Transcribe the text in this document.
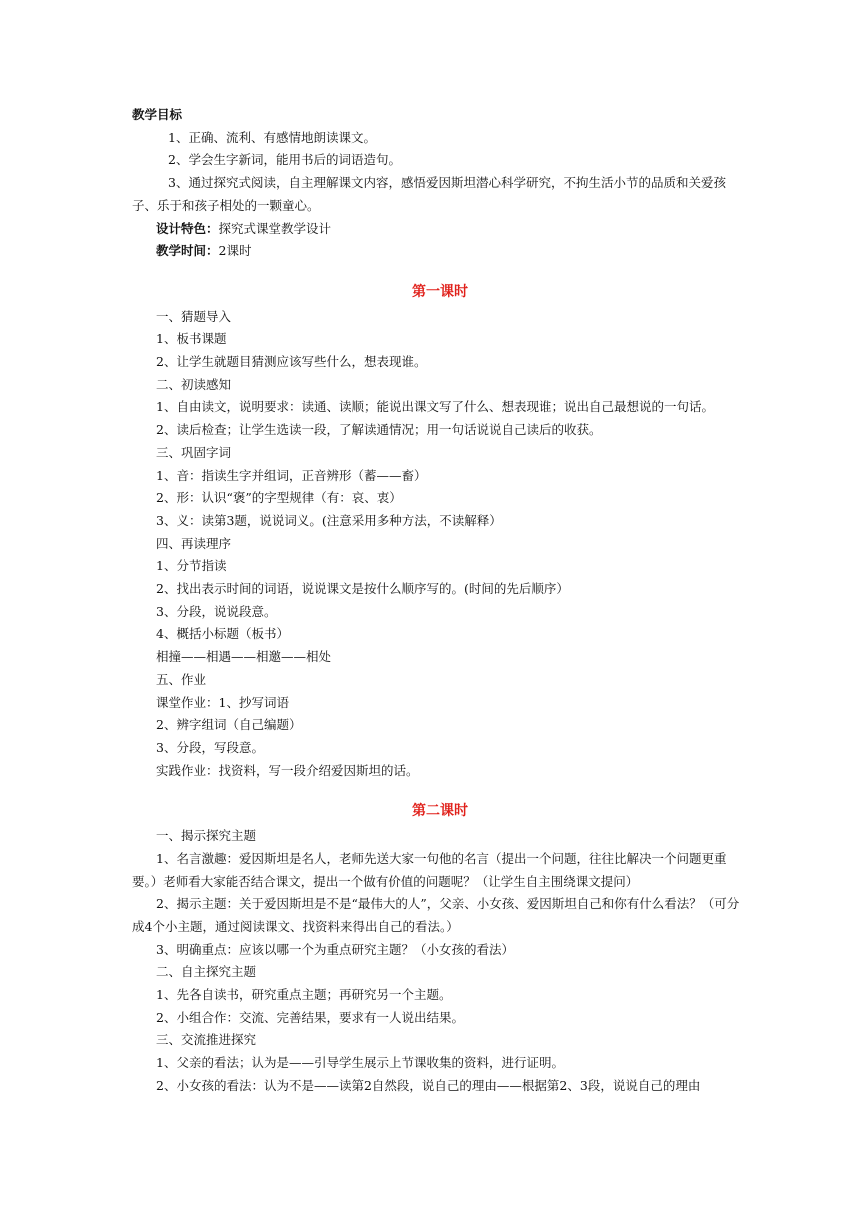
教学目标
1、正确、流利、有感情地朗读课文。
2、学会生字新词，能用书后的词语造句。
3、通过探究式阅读，自主理解课文内容，感悟爱因斯坦潜心科学研究，不拘生活小节的品质和关爱孩子、乐于和孩子相处的一颗童心。
设计特色：探究式课堂教学设计
教学时间：2课时
第一课时
一、猜题导入
1、板书课题
2、让学生就题目猜测应该写些什么，想表现谁。
二、初读感知
1、自由读文，说明要求：读通、读顺；能说出课文写了什么、想表现谁；说出自己最想说的一句话。
2、读后检查；让学生选读一段，了解读通情况；用一句话说说自己读后的收获。
三、巩固字词
1、音：指读生字并组词，正音辨形（蓄——畜）
2、形：认识“褒”的字型规律（有：哀、衷）
3、义：读第3题，说说词义。(注意采用多种方法，不读解释）
四、再读理序
1、分节指读
2、找出表示时间的词语，说说课文是按什么顺序写的。(时间的先后顺序）
3、分段，说说段意。
4、概括小标题（板书）
相撞——相遇——相邀——相处
五、作业
课堂作业：1、抄写词语
2、辨字组词（自己编题）
3、分段，写段意。
实践作业：找资料，写一段介绍爱因斯坦的话。
第二课时
一、揭示探究主题
1、名言激趣：爱因斯坦是名人，老师先送大家一句他的名言（提出一个问题，往往比解决一个问题更重要。）老师看大家能否结合课文，提出一个做有价值的问题呢？（让学生自主围绕课文提问）
2、揭示主题：关于爱因斯坦是不是“最伟大的人”，父亲、小女孩、爱因斯坦自己和你有什么看法？（可分成4个小主题，通过阅读课文、找资料来得出自己的看法。）
3、明确重点：应该以哪一个为重点研究主题？（小女孩的看法）
二、自主探究主题
1、先各自读书，研究重点主题；再研究另一个主题。
2、小组合作：交流、完善结果，要求有一人说出结果。
三、交流推进探究
1、父亲的看法；认为是——引导学生展示上节课收集的资料，进行证明。
2、小女孩的看法：认为不是——读第2自然段，说自己的理由——根据第2、3段，说说自己的理由
